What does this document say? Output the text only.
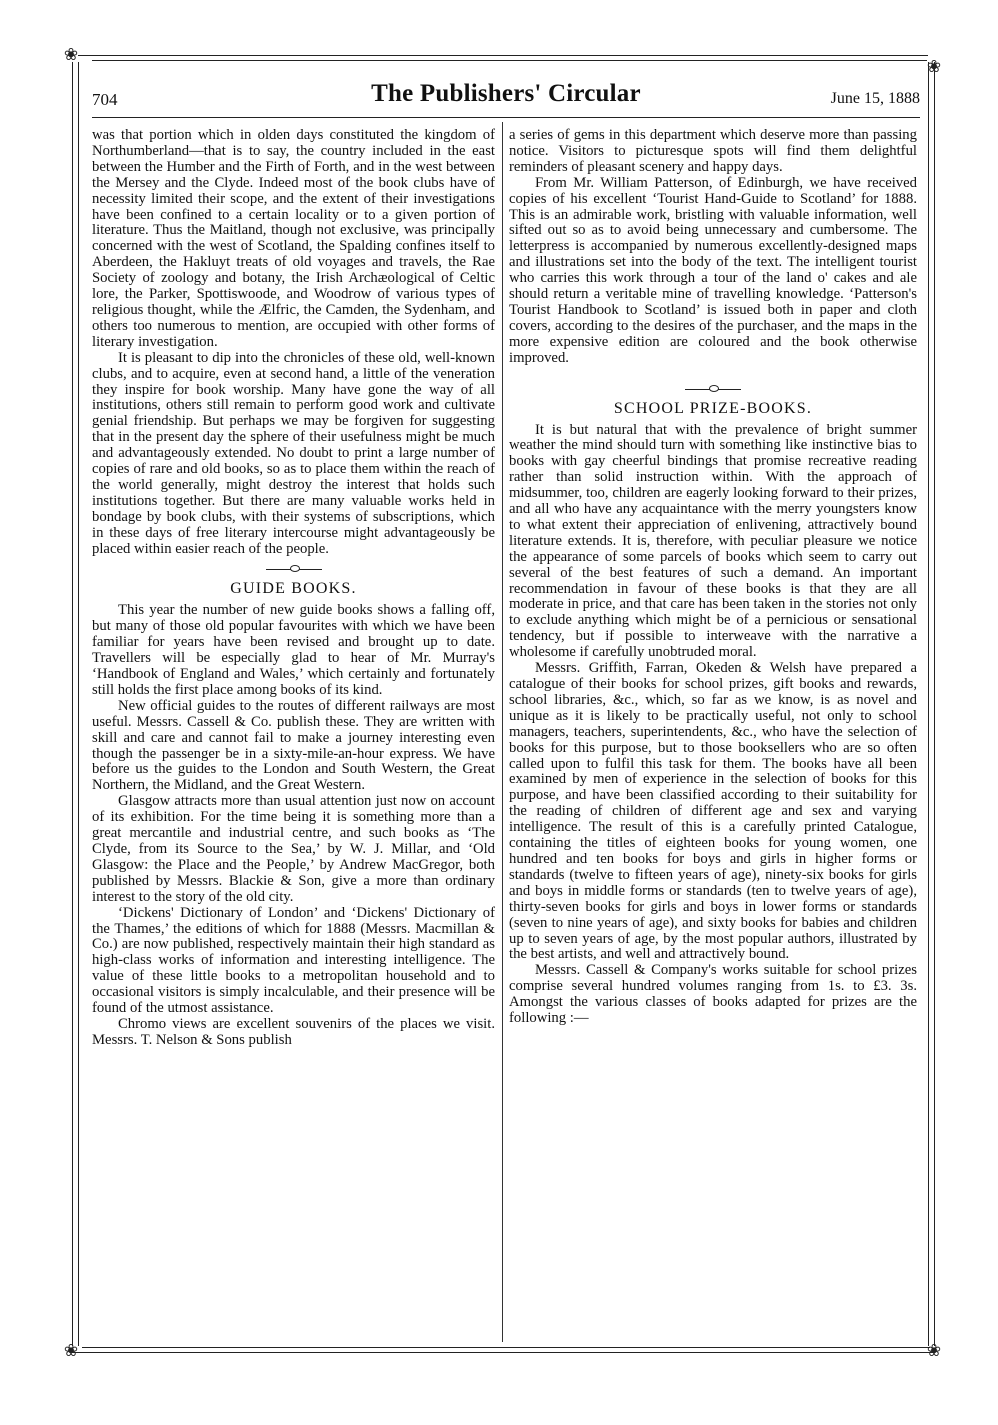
❀
❀
❀	❀
704	The Publishers' Circular	June 15, 1888

was that portion which in olden days constituted the kingdom of Northumberland—that is to say, the country included in the east between the Humber and the Firth of Forth, and in the west between the Mersey and the Clyde. Indeed most of the book clubs have of necessity limited their scope, and the extent of their investigations have been confined to a certain locality or to a given portion of literature. Thus the Maitland, though not exclusive, was principally concerned with the west of Scotland, the Spalding confines itself to Aberdeen, the Hakluyt treats of old voyages and travels, the Rae Society of zoology and botany, the Irish Archæological of Celtic lore, the Parker, Spottiswoode, and Woodrow of various types of religious thought, while the Ælfric, the Camden, the Sydenham, and others too numerous to mention, are occupied with other forms of literary investigation.

It is pleasant to dip into the chronicles of these old, well-known clubs, and to acquire, even at second hand, a little of the veneration they inspire for book worship. Many have gone the way of all institutions, others still remain to perform good work and cultivate genial friendship. But perhaps we may be forgiven for suggesting that in the present day the sphere of their usefulness might be much and advantageously extended. No doubt to print a large number of copies of rare and old books, so as to place them within the reach of the world generally, might destroy the interest that holds such institutions together. But there are many valuable works held in bondage by book clubs, with their systems of subscriptions, which in these days of free literary intercourse might advantageously be placed within easier reach of the people.

GUIDE BOOKS.

This year the number of new guide books shows a falling off, but many of those old popular favourites with which we have been familiar for years have been revised and brought up to date. Travellers will be especially glad to hear of Mr. Murray's ‘Handbook of England and Wales,’ which certainly and fortunately still holds the first place among books of its kind.

New official guides to the routes of different railways are most useful. Messrs. Cassell & Co. publish these. They are written with skill and care and cannot fail to make a journey interesting even though the passenger be in a sixty-mile-an-hour express. We have before us the guides to the London and South Western, the Great Northern, the Midland, and the Great Western.

Glasgow attracts more than usual attention just now on account of its exhibition. For the time being it is something more than a great mercantile and industrial centre, and such books as ‘The Clyde, from its Source to the Sea,’ by W. J. Millar, and ‘Old Glasgow: the Place and the People,’ by Andrew MacGregor, both published by Messrs. Blackie & Son, give a more than ordinary interest to the story of the old city.

‘Dickens' Dictionary of London’ and ‘Dickens' Dictionary of the Thames,’ the editions of which for 1888 (Messrs. Macmillan & Co.) are now published, respectively maintain their high standard as high-class works of information and interesting intelligence. The value of these little books to a metropolitan household and to occasional visitors is simply incalculable, and their presence will be found of the utmost assistance.

Chromo views are excellent souvenirs of the places we visit. Messrs. T. Nelson & Sons publish

a series of gems in this department which deserve more than passing notice. Visitors to picturesque spots will find them delightful reminders of pleasant scenery and happy days.

From Mr. William Patterson, of Edinburgh, we have received copies of his excellent ‘Tourist Hand-Guide to Scotland’ for 1888. This is an admirable work, bristling with valuable information, well sifted out so as to avoid being unnecessary and cumbersome. The letterpress is accompanied by numerous excellently-designed maps and illustrations set into the body of the text. The intelligent tourist who carries this work through a tour of the land o' cakes and ale should return a veritable mine of travelling knowledge. ‘Patterson's Tourist Handbook to Scotland’ is issued both in paper and cloth covers, according to the desires of the purchaser, and the maps in the more expensive edition are coloured and the book otherwise improved.

SCHOOL PRIZE-BOOKS.

It is but natural that with the prevalence of bright summer weather the mind should turn with something like instinctive bias to books with gay cheerful bindings that promise recreative reading rather than solid instruction within. With the approach of midsummer, too, children are eagerly looking forward to their prizes, and all who have any acquaintance with the merry youngsters know to what extent their appreciation of enlivening, attractively bound literature extends. It is, therefore, with peculiar pleasure we notice the appearance of some parcels of books which seem to carry out several of the best features of such a demand. An important recommendation in favour of these books is that they are all moderate in price, and that care has been taken in the stories not only to exclude anything which might be of a pernicious or sensational tendency, but if possible to interweave with the narrative a wholesome if carefully unobtruded moral.

Messrs. Griffith, Farran, Okeden & Welsh have prepared a catalogue of their books for school prizes, gift books and rewards, school libraries, &c., which, so far as we know, is as novel and unique as it is likely to be practically useful, not only to school managers, teachers, superintendents, &c., who have the selection of books for this purpose, but to those booksellers who are so often called upon to fulfil this task for them. The books have all been examined by men of experience in the selection of books for this purpose, and have been classified according to their suitability for the reading of children of different age and sex and varying intelligence. The result of this is a carefully printed Catalogue, containing the titles of eighteen books for young women, one hundred and ten books for boys and girls in higher forms or standards (twelve to fifteen years of age), ninety-six books for girls and boys in middle forms or standards (ten to twelve years of age), thirty-seven books for girls and boys in lower forms or standards (seven to nine years of age), and sixty books for babies and children up to seven years of age, by the most popular authors, illustrated by the best artists, and well and attractively bound.

Messrs. Cassell & Company's works suitable for school prizes comprise several hundred volumes ranging from 1s. to £3. 3s. Amongst the various classes of books adapted for prizes are the following :—
